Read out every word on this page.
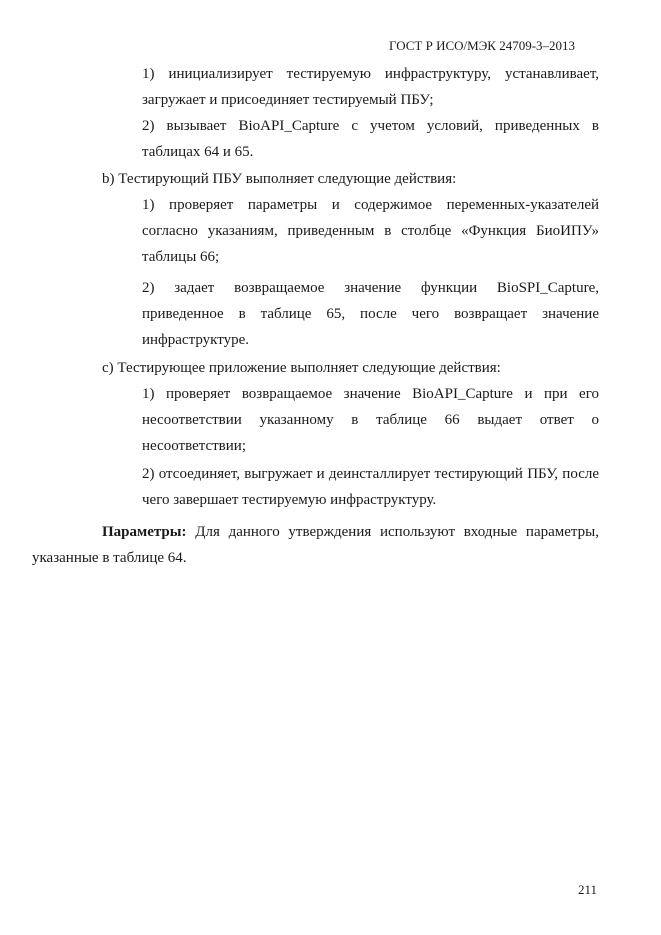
ГОСТ Р ИСО/МЭК 24709-3–2013
1) инициализирует тестируемую инфраструктуру, устанавливает, загружает и присоединяет тестируемый ПБУ;
2) вызывает BioAPI_Capture с учетом условий, приведенных в таблицах 64 и 65.
b) Тестирующий ПБУ выполняет следующие действия:
1) проверяет параметры и содержимое переменных-указателей согласно указаниям, приведенным в столбце «Функция БиоИПУ» таблицы 66;
2) задает возвращаемое значение функции BioSPI_Capture, приведенное в таблице 65, после чего возвращает значение инфраструктуре.
c) Тестирующее приложение выполняет следующие действия:
1) проверяет возвращаемое значение BioAPI_Capture и при его несоответствии указанному в таблице 66 выдает ответ о несоответствии;
2) отсоединяет, выгружает и деинсталлирует тестирующий ПБУ, после чего завершает тестируемую инфраструктуру.
Параметры: Для данного утверждения используют входные параметры, указанные в таблице 64.
211
